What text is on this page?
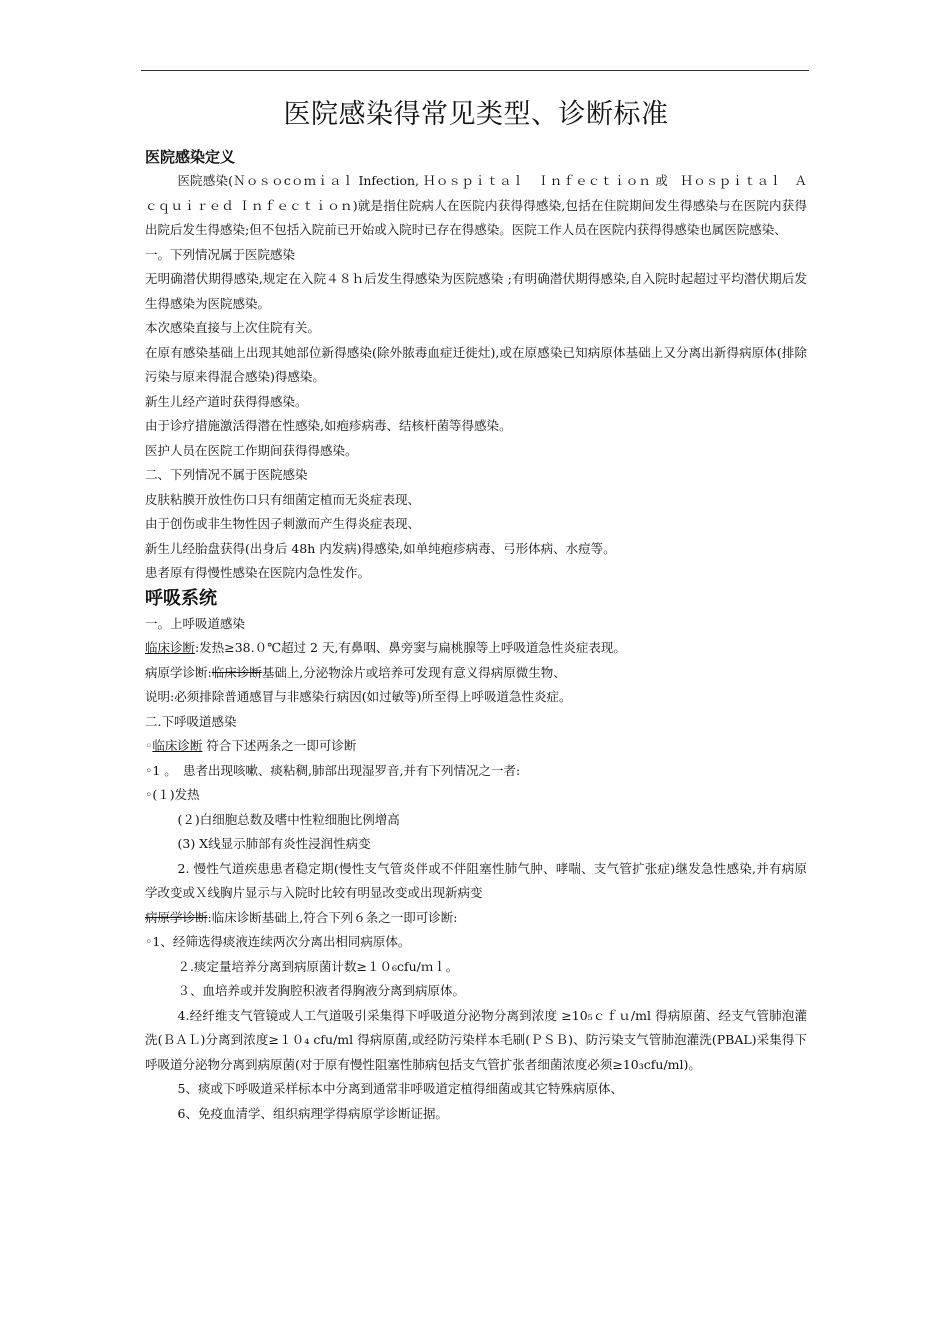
医院感染得常见类型、诊断标准

医院感染定义

医院感染(Ｎｏｓｏcｏｍｉａｌ Infection, Ｈｏｓｐｉｔａｌ　Ｉｎｆｅｃｔｉｏｎ 或　Ｈｏｓｐｉｔａｌ　Ａｃｑｕｉｒｅｄ Ｉｎｆｅｃｔｉｏｎ)就是指住院病人在医院内获得得感染,包括在住院期间发生得感染与在医院内获得出院后发生得感染;但不包括入院前已开始或入院时已存在得感染。医院工作人员在医院内获得得感染也属医院感染、

一。下列情况属于医院感染

无明确潜伏期得感染,规定在入院４８ｈ后发生得感染为医院感染 ;有明确潜伏期得感染,自入院时起超过平均潜伏期后发生得感染为医院感染。

本次感染直接与上次住院有关。

在原有感染基础上出现其她部位新得感染(除外脓毒血症迁徙灶),或在原感染已知病原体基础上又分离出新得病原体(排除污染与原来得混合感染)得感染。

新生儿经产道时获得得感染。

由于诊疗措施激活得潜在性感染,如疱疹病毒、结核杆菌等得感染。

医护人员在医院工作期间获得得感染。

二、下列情况不属于医院感染

皮肤粘膜开放性伤口只有细菌定植而无炎症表现、

由于创伤或非生物性因子刺激而产生得炎症表现、

新生儿经胎盘获得(出身后 48h 内发病)得感染,如单纯疱疹病毒、弓形体病、水痘等。

患者原有得慢性感染在医院内急性发作。

呼吸系统

一。上呼吸道感染

临床诊断:发热≥38.０℃超过 2 天,有鼻咽、鼻旁窦与扁桃腺等上呼吸道急性炎症表现。

病原学诊断:临床诊断基础上,分泌物涂片或培养可发现有意义得病原微生物、

说明:必须排除普通感冒与非感染行病因(如过敏等)所至得上呼吸道急性炎症。

二.下呼吸道感染

◦临床诊断 符合下述两条之一即可诊断

◦1 。　患者出现咳嗽、痰粘稠,肺部出现湿罗音,并有下列情况之一者:

◦(１)发热

(２)白细胞总数及嗜中性粒细胞比例增高

(3) X线显示肺部有炎性浸润性病变

2. 慢性气道疾患患者稳定期(慢性支气管炎伴或不伴阻塞性肺气肿、哮喘、支气管扩张症)继发急性感染,并有病原学改变或Ｘ线胸片显示与入院时比较有明显改变或出现新病变

病原学诊断:临床诊断基础上,符合下列６条之一即可诊断:

◦1、经筛选得痰液连续两次分离出相同病原体。

２.痰定量培养分离到病原菌计数≥１０₆cfu/ｍｌ。

３、血培养或并发胸腔积液者得胸液分离到病原体。

4.经纤维支气管镜或人工气道吸引采集得下呼吸道分泌物分离到浓度 ≥10₅ｃｆｕ/ml 得病原菌、经支气管肺泡灌洗(ＢＡＬ)分离到浓度≥１０₄ cfu/ml 得病原菌,或经防污染样本毛刷(ＰＳＢ)、防污染支气管肺泡灌洗(PBAL)采集得下呼吸道分泌物分离到病原菌(对于原有慢性阻塞性肺病包括支气管扩张者细菌浓度必须≥10₃cfu/ml)。

5、痰或下呼吸道采样标本中分离到通常非呼吸道定植得细菌或其它特殊病原体、

6、免疫血清学、组织病理学得病原学诊断证据。
